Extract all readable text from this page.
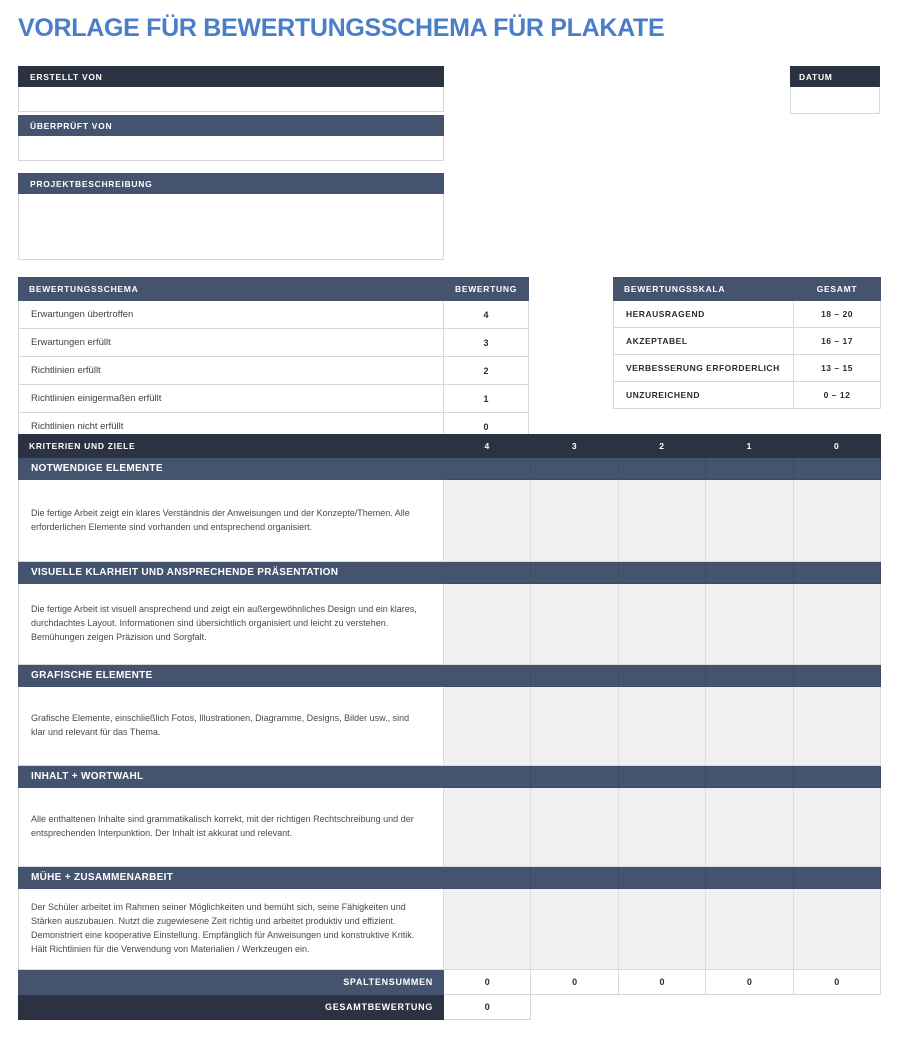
VORLAGE FÜR BEWERTUNGSSCHEMA FÜR PLAKATE
ERSTELLT VON
ÜBERPRÜFT VON
PROJEKTBESCHREIBUNG
DATUM
BEWERTUNGSSCHEMA	BEWERTUNG
Erwartungen übertroffen	4
Erwartungen erfüllt	3
Richtlinien erfüllt	2
Richtlinien einigermaßen erfüllt	1
Richtlinien nicht erfüllt	0
BEWERTUNGSSKALA	GESAMT
HERAUSRAGEND	18 – 20
AKZEPTABEL	16 – 17
VERBESSERUNG ERFORDERLICH	13 – 15
UNZUREICHEND	0 – 12
KRITERIEN UND ZIELE	4	3	2	1	0
NOTWENDIGE ELEMENTE					
Die fertige Arbeit zeigt ein klares Verständnis der Anweisungen und der Konzepte/Themen. Alle erforderlichen Elemente sind vorhanden und entsprechend organisiert.					
VISUELLE KLARHEIT UND ANSPRECHENDE PRÄSENTATION					
Die fertige Arbeit ist visuell ansprechend und zeigt ein außergewöhnliches Design und ein klares, durchdachtes Layout. Informationen sind übersichtlich organisiert und leicht zu verstehen. Bemühungen zeigen Präzision und Sorgfalt.					
GRAFISCHE ELEMENTE					
Grafische Elemente, einschließlich Fotos, Illustrationen, Diagramme, Designs, Bilder usw., sind klar und relevant für das Thema.					
INHALT + WORTWAHL					
Alle enthaltenen Inhalte sind grammatikalisch korrekt, mit der richtigen Rechtschreibung und der entsprechenden Interpunktion. Der Inhalt ist akkurat und relevant.					
MÜHE + ZUSAMMENARBEIT					
Der Schüler arbeitet im Rahmen seiner Möglichkeiten und bemüht sich, seine Fähigkeiten und Stärken auszubauen. Nutzt die zugewiesene Zeit richtig und arbeitet produktiv und effizient. Demonstriert eine kooperative Einstellung. Empfänglich für Anweisungen und konstruktive Kritik. Hält Richtlinien für die Verwendung von Materialien / Werkzeugen ein.					
SPALTENSUMMEN	0	0	0	0	0
GESAMTBEWERTUNG	0				
